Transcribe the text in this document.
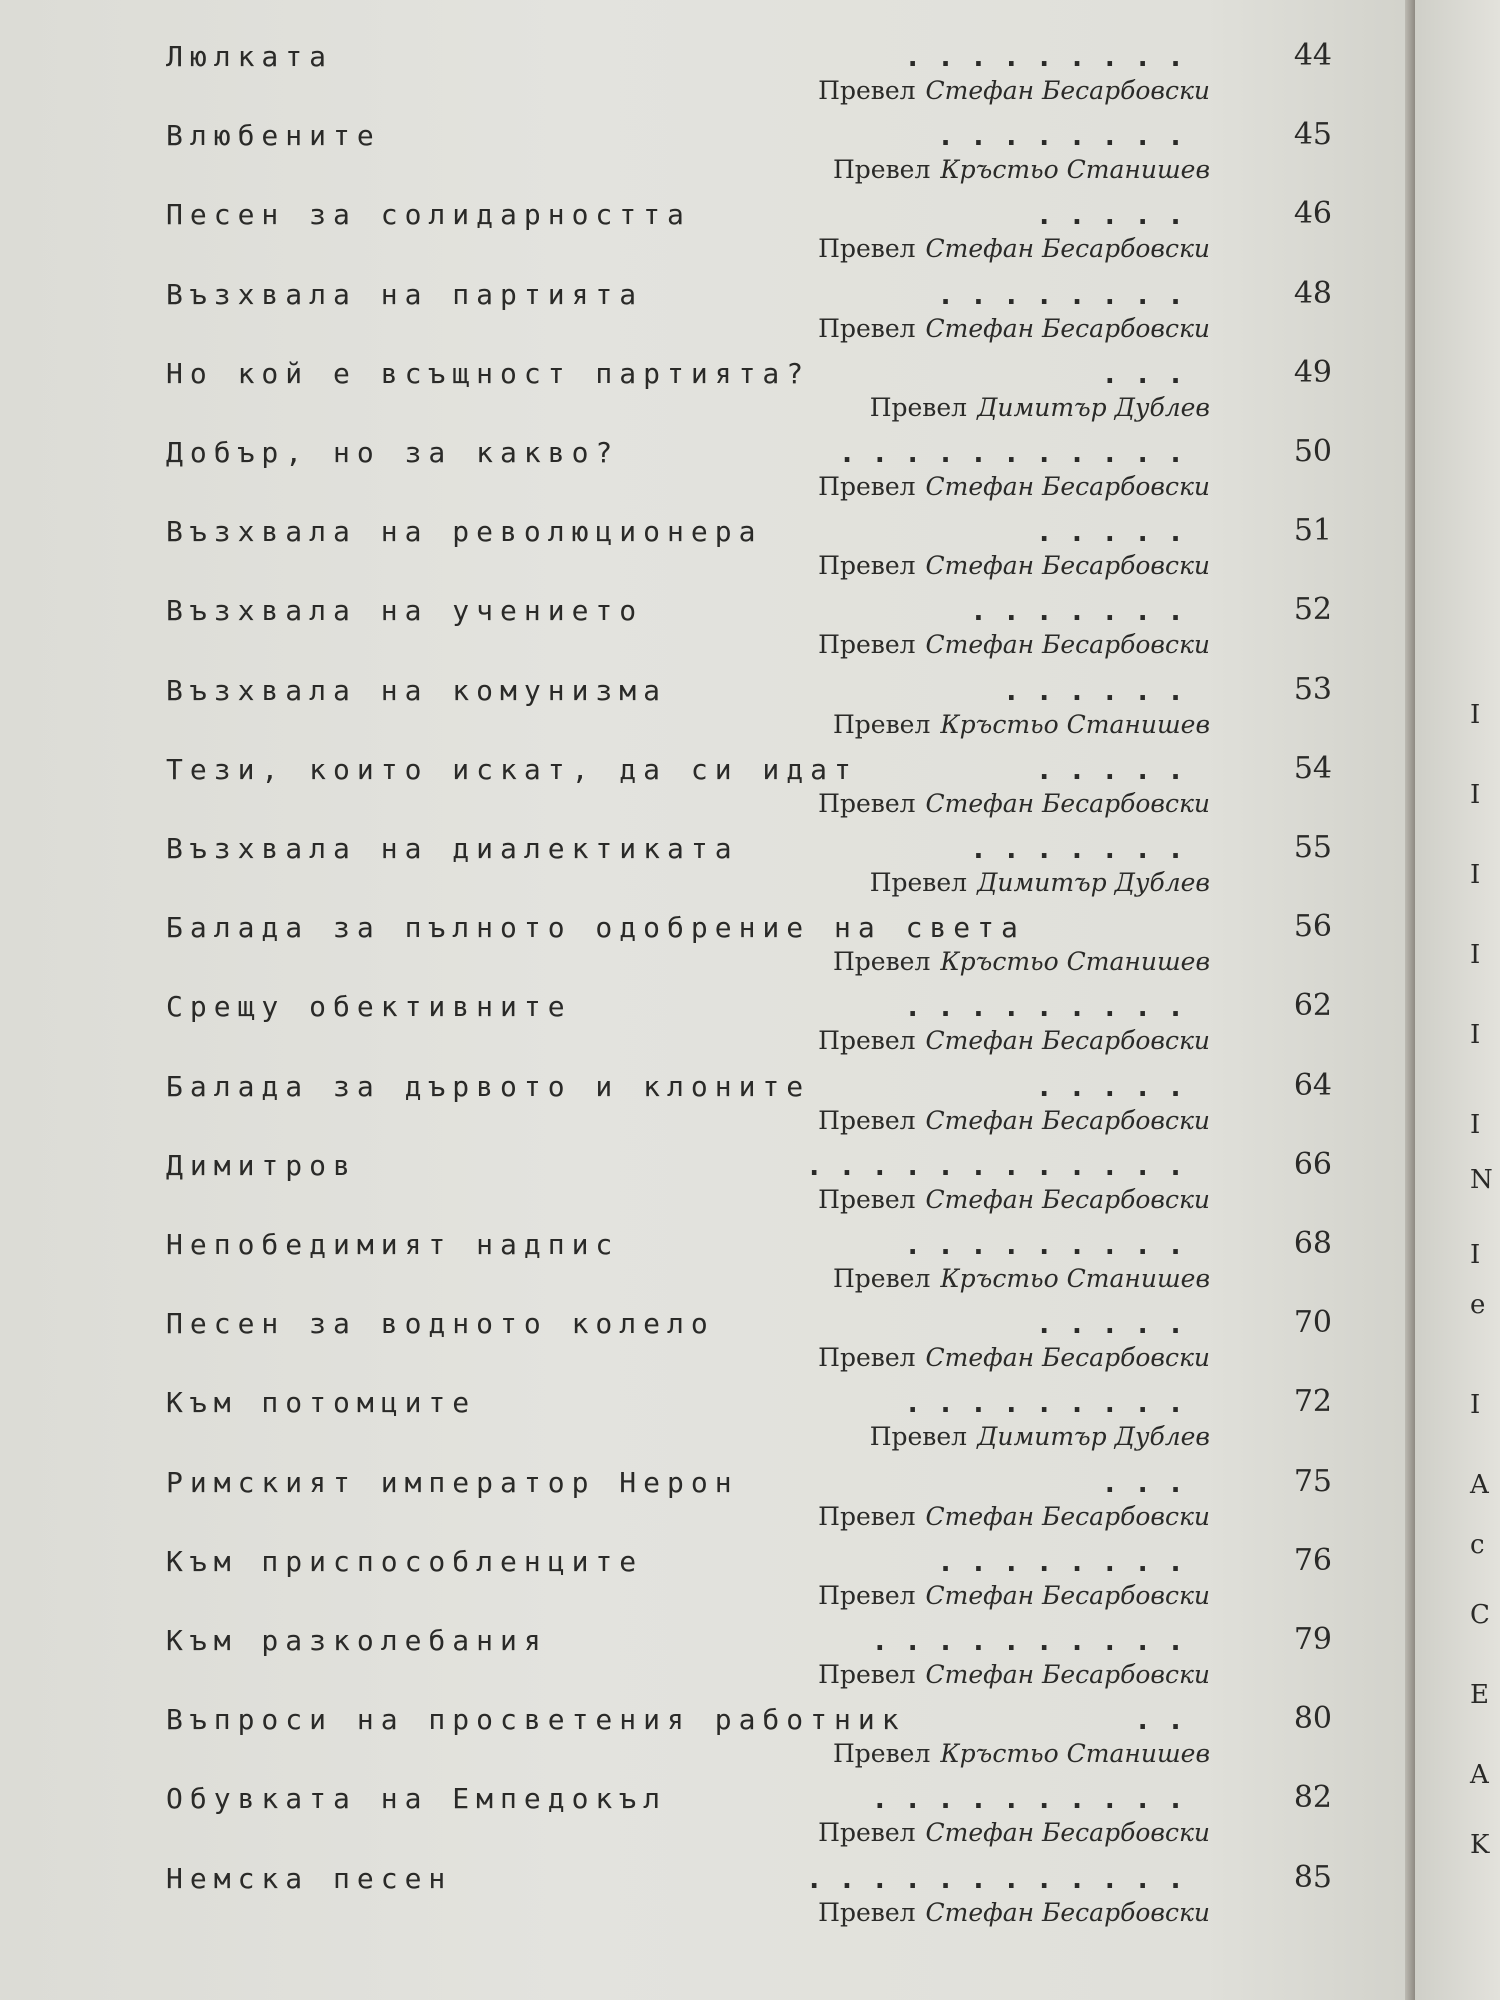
Люлката	.........	44
Превел Стефан Бесарбовски
Влюбените	........	45
Превел Кръстьо Станишев
Песен за солидарността	.....	46
Превел Стефан Бесарбовски
Възхвала на партията	........	48
Превел Стефан Бесарбовски
Но кой е всъщност партията?	...	49
Превел Димитър Дублев
Добър, но за какво?	...........	50
Превел Стефан Бесарбовски
Възхвала на революционера	.....	51
Превел Стефан Бесарбовски
Възхвала на учението	.......	52
Превел Стефан Бесарбовски
Възхвала на комунизма	......	53
Превел Кръстьо Станишев
Тези, които искат, да си идат	.....	54
Превел Стефан Бесарбовски
Възхвала на диалектиката	.......	55
Превел Димитър Дублев
Балада за пълното одобрение на света	56
Превел Кръстьо Станишев
Срещу обективните	.........	62
Превел Стефан Бесарбовски
Балада за дървото и клоните	.....	64
Превел Стефан Бесарбовски
Димитров	............	66
Превел Стефан Бесарбовски
Непобедимият надпис	.........	68
Превел Кръстьо Станишев
Песен за водното колело	.....	70
Превел Стефан Бесарбовски
Към потомците	.........	72
Превел Димитър Дублев
Римският император Нерон	...	75
Превел Стефан Бесарбовски
Към приспособленците	........	76
Превел Стефан Бесарбовски
Към разколебания	..........	79
Превел Стефан Бесарбовски
Въпроси на просветения работник	..	80
Превел Кръстьо Станишев
Обувката на Емпедокъл	..........	82
Превел Стефан Бесарбовски
Немска песен	............	85
Превел Стефан Бесарбовски
I
I
I
I
I
I
N
I
e
I
A
c
C
E
A
K
